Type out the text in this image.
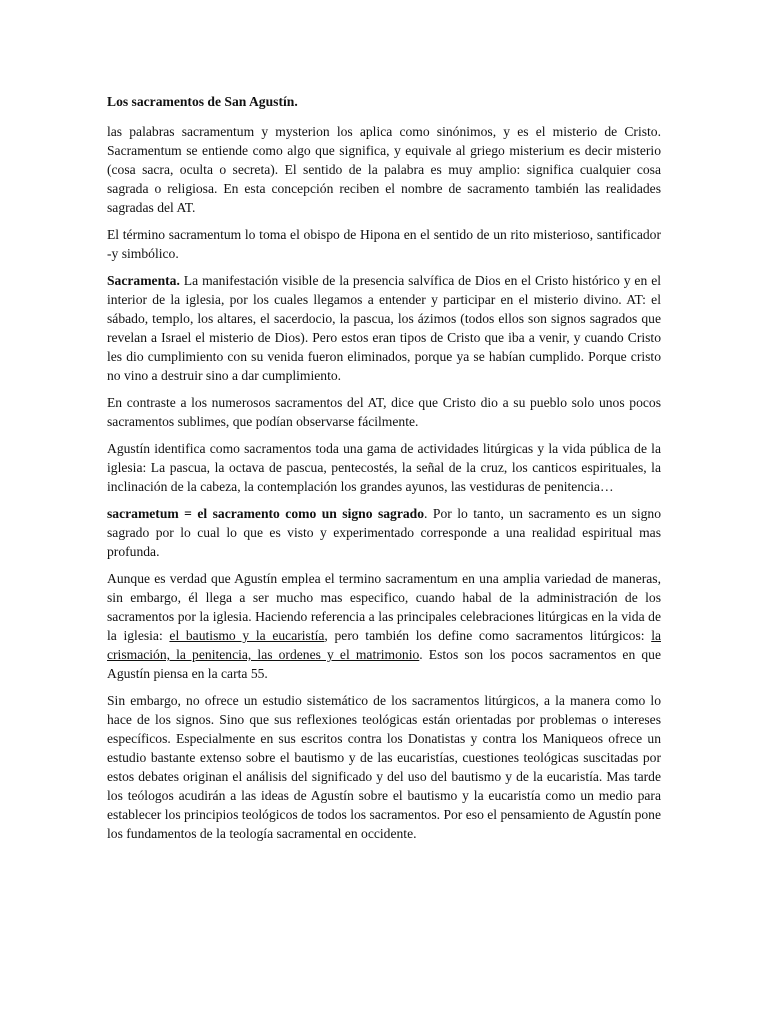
Los sacramentos de San Agustín.

las palabras sacramentum y mysterion los aplica como sinónimos, y es el misterio de Cristo. Sacramentum se entiende como algo que significa, y equivale al griego misterium es decir misterio (cosa sacra, oculta o secreta). El sentido de la palabra es muy amplio: significa cualquier cosa sagrada o religiosa. En esta concepción reciben el nombre de sacramento también las realidades sagradas del AT.

El término sacramentum lo toma el obispo de Hipona en el sentido de un rito misterioso, santificador -y simbólico.

Sacramenta. La manifestación visible de la presencia salvífica de Dios en el Cristo histórico y en el interior de la iglesia, por los cuales llegamos a entender y participar en el misterio divino. AT: el sábado, templo, los altares, el sacerdocio, la pascua, los ázimos (todos ellos son signos sagrados que revelan a Israel el misterio de Dios). Pero estos eran tipos de Cristo que iba a venir, y cuando Cristo les dio cumplimiento con su venida fueron eliminados, porque ya se habían cumplido. Porque cristo no vino a destruir sino a dar cumplimiento.

En contraste a los numerosos sacramentos del AT, dice que Cristo dio a su pueblo solo unos pocos sacramentos sublimes, que podían observarse fácilmente.

Agustín identifica como sacramentos toda una gama de actividades litúrgicas y la vida pública de la iglesia: La pascua, la octava de pascua, pentecostés, la señal de la cruz, los canticos espirituales, la inclinación de la cabeza, la contemplación los grandes ayunos, las vestiduras de penitencia…

sacrametum = el sacramento como un signo sagrado. Por lo tanto, un sacramento es un signo sagrado por lo cual lo que es visto y experimentado corresponde a una realidad espiritual mas profunda.

Aunque es verdad que Agustín emplea el termino sacramentum en una amplia variedad de maneras, sin embargo, él llega a ser mucho mas especifico, cuando habal de la administración de los sacramentos por la iglesia. Haciendo referencia a las principales celebraciones litúrgicas en la vida de la iglesia: el bautismo y la eucaristía, pero también los define como sacramentos litúrgicos: la crismación, la penitencia, las ordenes y el matrimonio. Estos son los pocos sacramentos en que Agustín piensa en la carta 55.

Sin embargo, no ofrece un estudio sistemático de los sacramentos litúrgicos, a la manera como lo hace de los signos. Sino que sus reflexiones teológicas están orientadas por problemas o intereses específicos. Especialmente en sus escritos contra los Donatistas y contra los Maniqueos ofrece un estudio bastante extenso sobre el bautismo y de las eucaristías, cuestiones teológicas suscitadas por estos debates originan el análisis del significado y del uso del bautismo y de la eucaristía. Mas tarde los teólogos acudirán a las ideas de Agustín sobre el bautismo y la eucaristía como un medio para establecer los principios teológicos de todos los sacramentos. Por eso el pensamiento de Agustín pone los fundamentos de la teología sacramental en occidente.
